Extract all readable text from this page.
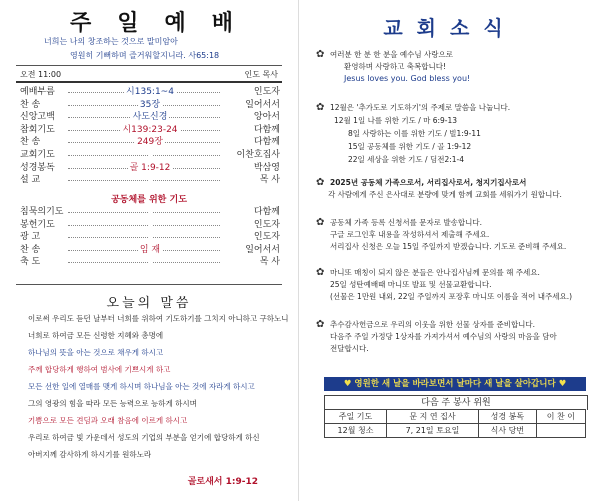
주일예배
너희는 나의 창조하는 것으로 말미암아
영원히 기뻐하며 즐거워할지니라. 사65:18
오전 11:00	인도 목사
예배부름	시135:1~4	인도자
찬 송	35장	일어서서
신앙고백	사도신경	앙아서
참회기도	시139:23-24	다함께
찬 송	249장	다함께
교회기도	이찬호집사
성경봉독	골 1:9-12	박삼영
설 교	목 사
공동체를 위한 기도
침묵의기도	다함께
봉헌기도	인도자
광 고	인도자
찬 송	임 재	일어서서
축 도	목 사
오늘의 말씀
이로써 우리도 듣던 날부터 너희를 위하여 기도하기를 그치지 아니하고 구하노니
너희로 하여금 모든 신령한 지혜와 총명에
하나님의 뜻을 아는 것으로 채우게 하시고
주께 합당하게 행하여 범사에 기쁘시게 하고
모든 선한 일에 열매를 맺게 하시며 하나님을 아는 것에 자라게 하시고
그의 영광의 힘을 따라 모든 능력으로 능하게 하시며
기쁨으로 모든 견딤과 오래 참음에 이르게 하시고
우리로 하여금 빛 가운데서 성도의 기업의 부분을 얻기에 합당하게 하신
아버지께 감사하게 하시기를 원하노라
골로새서 1:9-12
교회소식
✿ 여러분 한 분 한 분을 예수님 사랑으로
환영하며 사랑하고 축복합니다!
Jesus loves you. God bless you!
✿ 12월은 '추가도로 기도하기'의 주제로 말씀을 나눕니다.
12월 1일 나를 위한 기도 / 마 6:9-13
8일 사랑하는 이를 위한 기도 / 빌1:9-11
15일 공동체를 위한 기도 / 골 1:9-12
22일 세상을 위한 기도 / 딤전2:1-4
✿ 2025년 공동체 가족으로서, 서리집사로서, 청지기집사로서
각 사람에게 주신 은사대로 분량에 맞게 함께 교회를 세워가기 원합니다.
✿ 공동체 가족 등록 신청서를 문자로 발송합니다.
구글 로그인후 내용을 작성하셔서 제출해 주세요.
서리집사 신청은 오늘 15일 주일까지 받겠습니다. 기도로 준비해 주세요.
✿ 마니또 매칭이 되지 않은 분들은 안나집사님께 문의를 해 주세요.
25일 성탄예배때 마니또 발표 및 선물교환합니다.
(선물은 1만원 내외, 22일 주일까지 포장후 마니또 이름을 적어 내주세요.)
✿ 추수감사헌금으로 우리의 이웃을 위한 선물 상자를 준비합니다.
다음주 주일 가정당 1상자를 가져가셔서 예수님의 사랑의 마음을 담아
전달합시다.
♥ 영원한 새 날을 바라보면서 날마다 새 날을 살아갑니다 ♥
다음 주 봉사 위원
주일 기도	문 지 연 집사	성경 봉독	이 찬 이
12월 청소	7, 21일 토요일	식사 당번	
